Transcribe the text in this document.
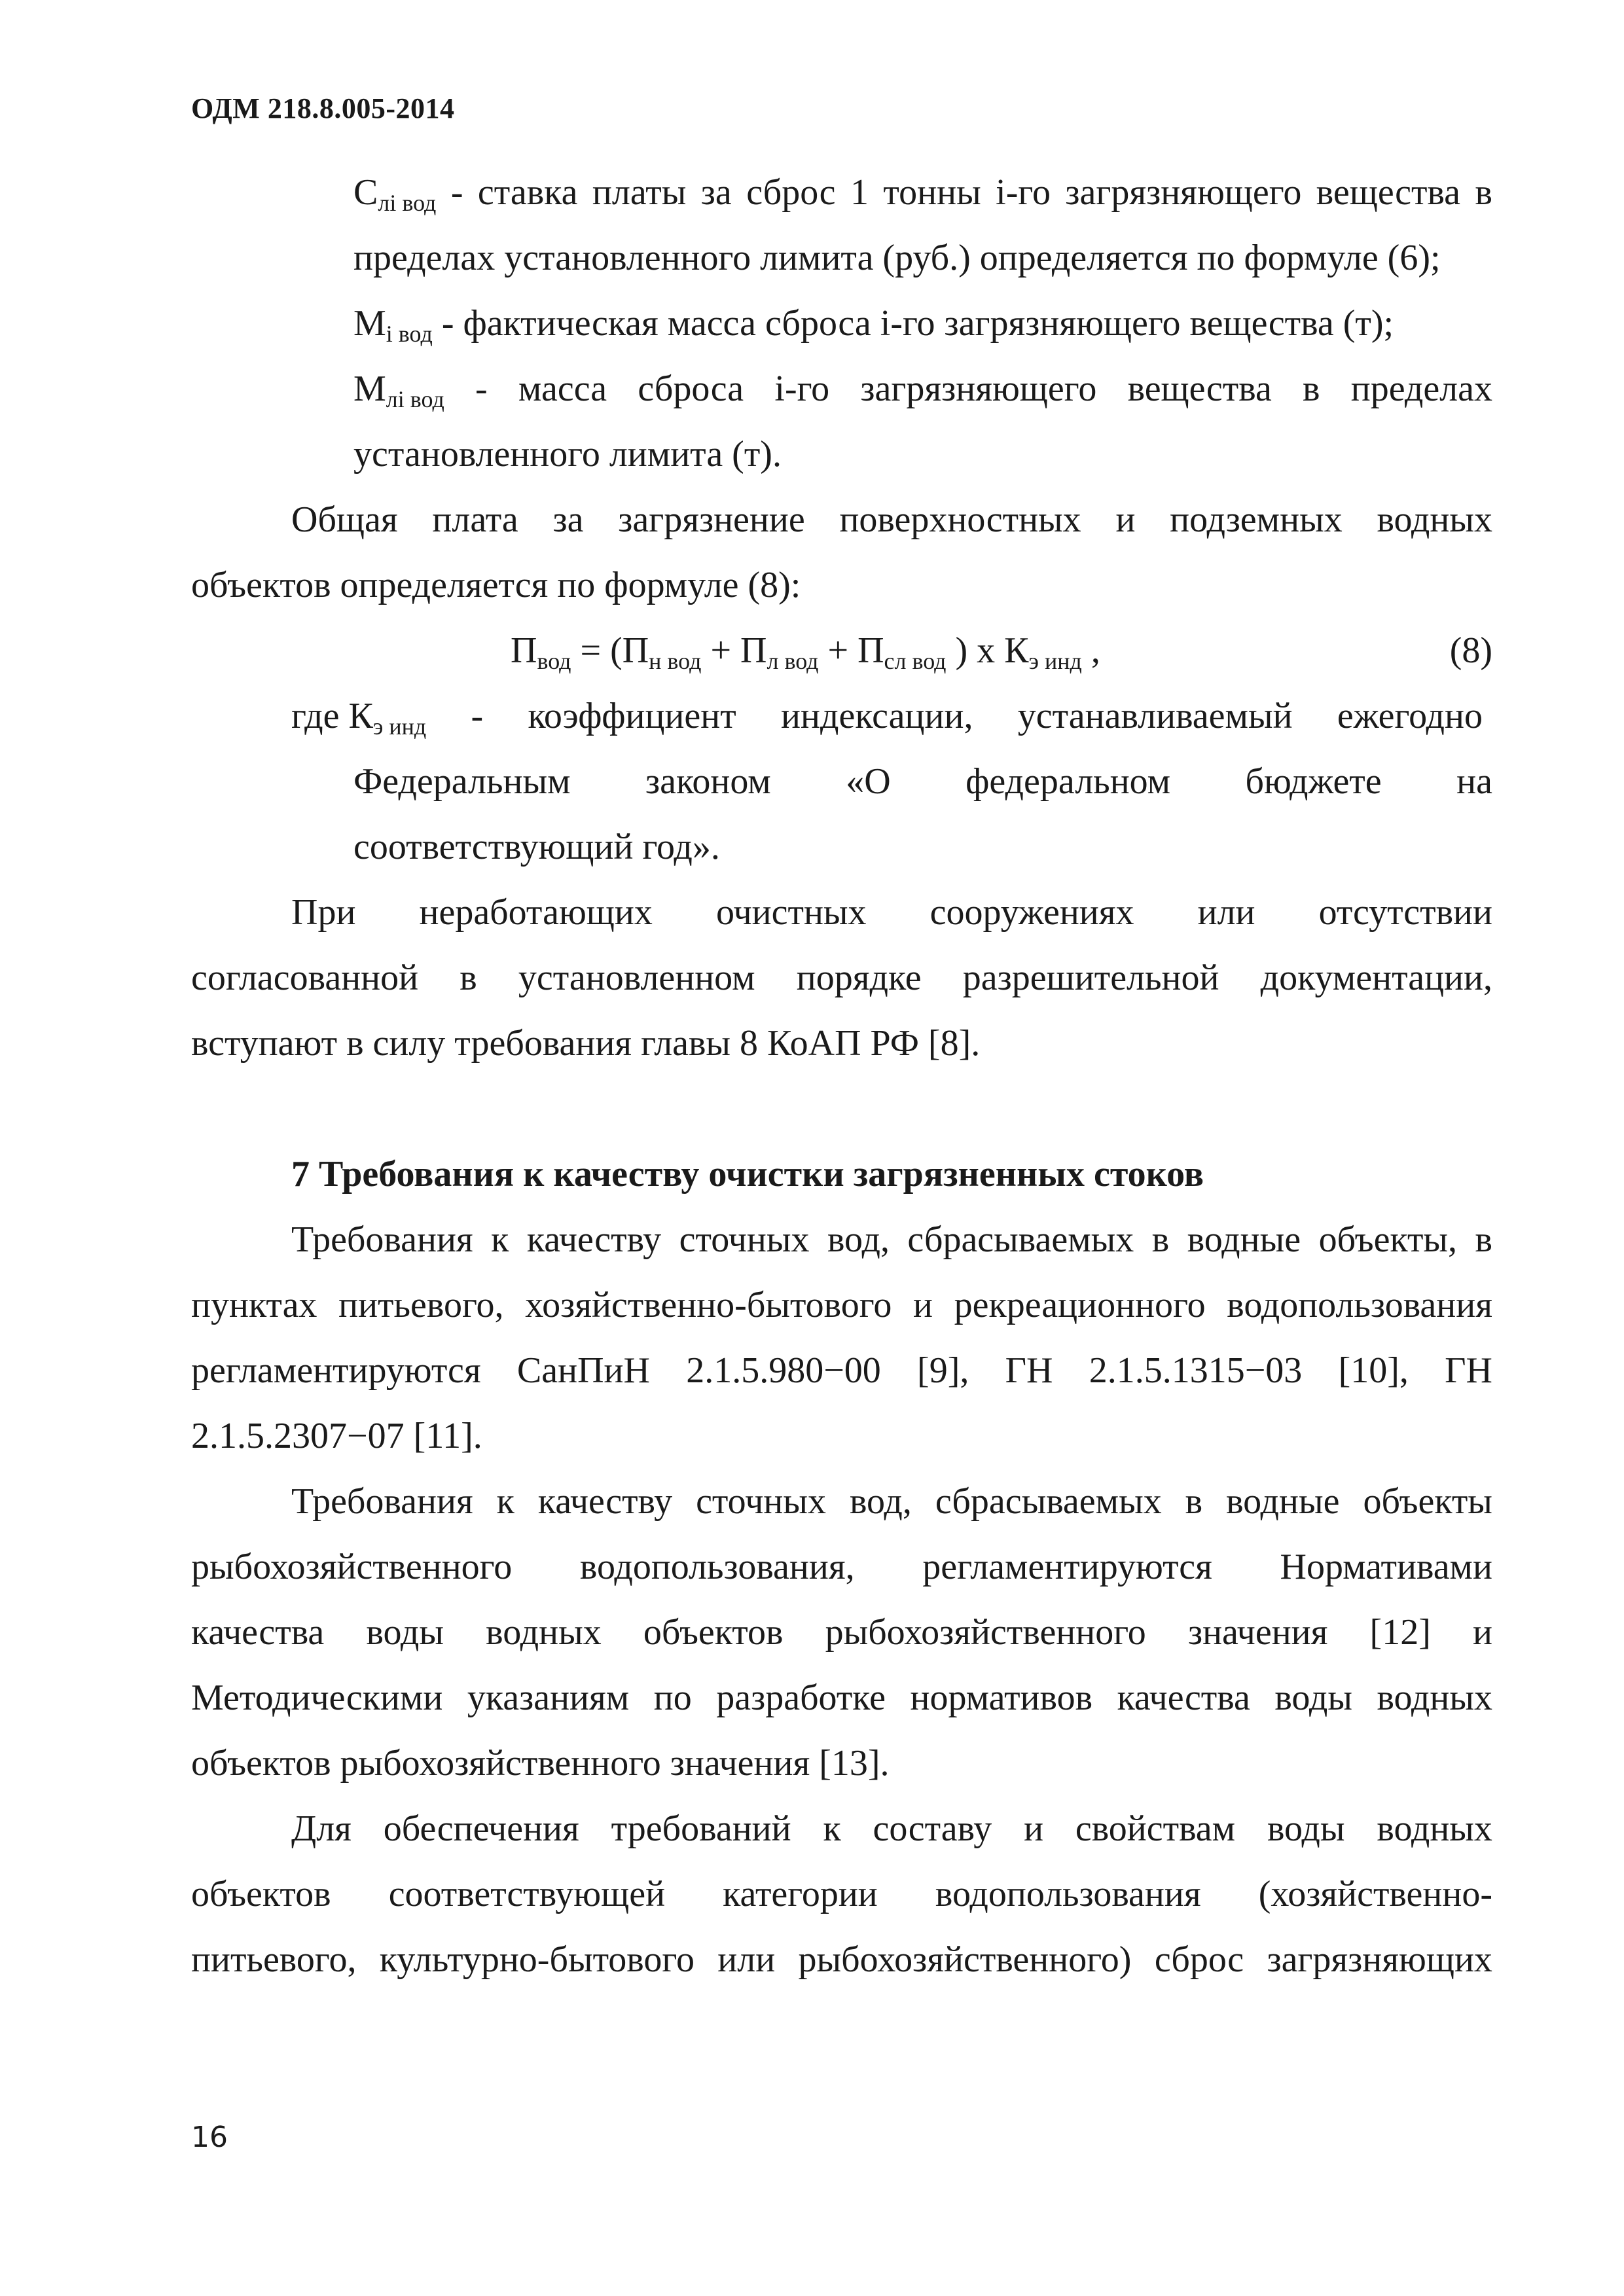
ОДМ 218.8.005-2014
$С_{лi вод}$ - ставка платы за сброс 1 тонны i-го загрязняющего вещества в
пределах установленного лимита (руб.) определяется по формуле (6);
$М_{i вод}$ - фактическая масса сброса i-го загрязняющего вещества (т);
$М_{лi вод}$ - масса сброса i-го загрязняющего вещества в пределах
установленного лимита (т).
Общая плата за загрязнение поверхностных и подземных водных
объектов определяется по формуле (8):
$П_{вод} = (П_{н вод} + П_{л вод} + П_{сл вод}$ ) х $К_{э инд}$ ,	(8)
где $К_{э инд}$ - коэффициент индексации, устанавливаемый ежегодно
Федеральным законом «О федеральном бюджете на
соответствующий год».
При неработающих очистных сооружениях или отсутствии
согласованной в установленном порядке разрешительной документации,
вступают в силу требования главы 8 КоАП РФ [8].
7 Требования к качеству очистки загрязненных стоков
Требования к качеству сточных вод, сбрасываемых в водные объекты, в
пунктах питьевого, хозяйственно-бытового и рекреационного водопользования
регламентируются СанПиН 2.1.5.980−00 [9], ГН 2.1.5.1315−03 [10], ГН
2.1.5.2307−07 [11].
Требования к качеству сточных вод, сбрасываемых в водные объекты
рыбохозяйственного водопользования, регламентируются Нормативами
качества воды водных объектов рыбохозяйственного значения [12] и
Методическими указаниям по разработке нормативов качества воды водных
объектов рыбохозяйственного значения [13].
Для обеспечения требований к составу и свойствам воды водных
объектов соответствующей категории водопользования (хозяйственно-
питьевого, культурно-бытового или рыбохозяйственного) сброс загрязняющих
16
